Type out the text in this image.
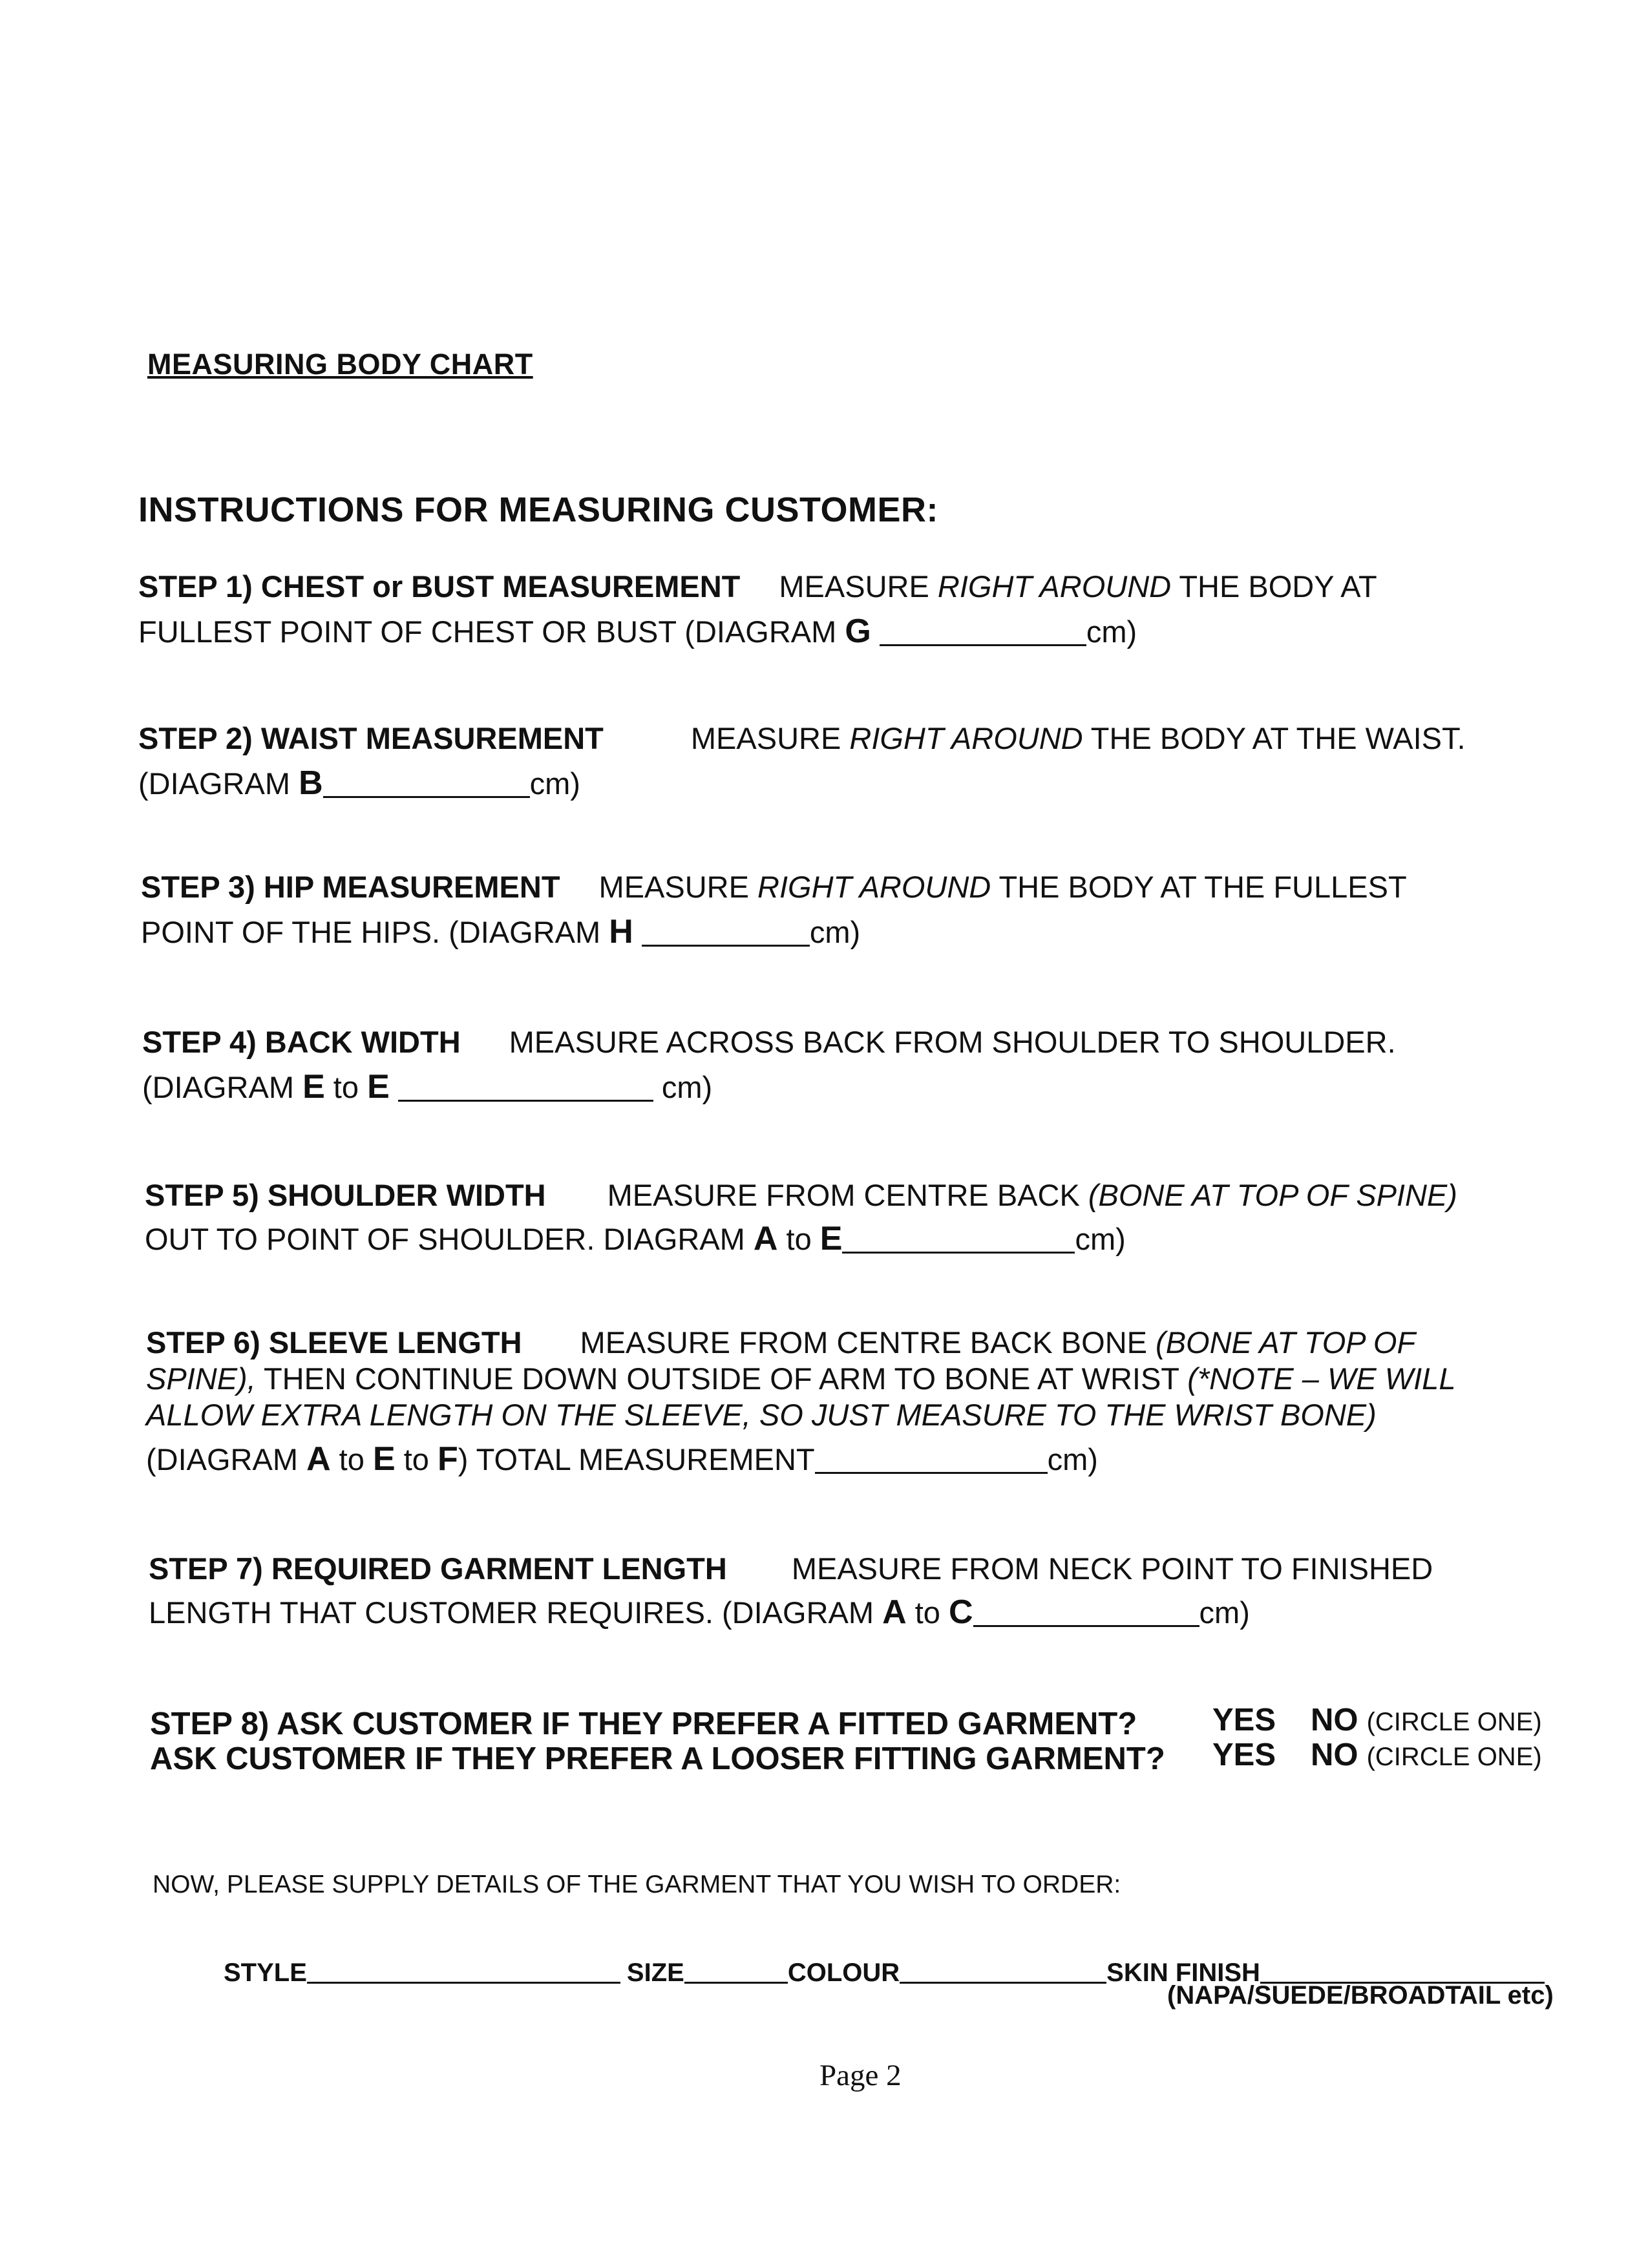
MEASURING BODY CHART
INSTRUCTIONS FOR MEASURING CUSTOMER:
STEP 1) CHEST or BUST MEASUREMENT MEASURE RIGHT AROUND THE BODY AT
FULLEST POINT OF CHEST OR BUST (DIAGRAM G	cm)
STEP 2) WAIST MEASUREMENT	MEASURE RIGHT AROUND THE BODY AT THE WAIST.
(DIAGRAM B	cm)
STEP 3) HIP MEASUREMENT MEASURE RIGHT AROUND THE BODY AT THE FULLEST
POINT OF THE HIPS. (DIAGRAM H	cm)
STEP 4) BACK WIDTH MEASURE ACROSS BACK FROM SHOULDER TO SHOULDER.
(DIAGRAM E to E	cm)
STEP 5) SHOULDER WIDTH MEASURE FROM CENTRE BACK (BONE AT TOP OF SPINE)
OUT TO POINT OF SHOULDER. DIAGRAM A to E	cm)
STEP 6) SLEEVE LENGTH MEASURE FROM CENTRE BACK BONE (BONE AT TOP OF
SPINE), THEN CONTINUE DOWN OUTSIDE OF ARM TO BONE AT WRIST (*NOTE – WE WILL
ALLOW EXTRA LENGTH ON THE SLEEVE, SO JUST MEASURE TO THE WRIST BONE)
(DIAGRAM A to E to F) TOTAL MEASUREMENT	cm)
STEP 7) REQUIRED GARMENT LENGTH MEASURE FROM NECK POINT TO FINISHED
LENGTH THAT CUSTOMER REQUIRES. (DIAGRAM A to C	cm)
STEP 8) ASK CUSTOMER IF THEY PREFER A FITTED GARMENT? YES NO (CIRCLE ONE)
ASK CUSTOMER IF THEY PREFER A LOOSER FITTING GARMENT? YES NO (CIRCLE ONE)
NOW, PLEASE SUPPLY DETAILS OF THE GARMENT THAT YOU WISH TO ORDER:
STYLE	SIZE	COLOUR	SKIN FINISH
(NAPA/SUEDE/BROADTAIL etc)
Page 2
